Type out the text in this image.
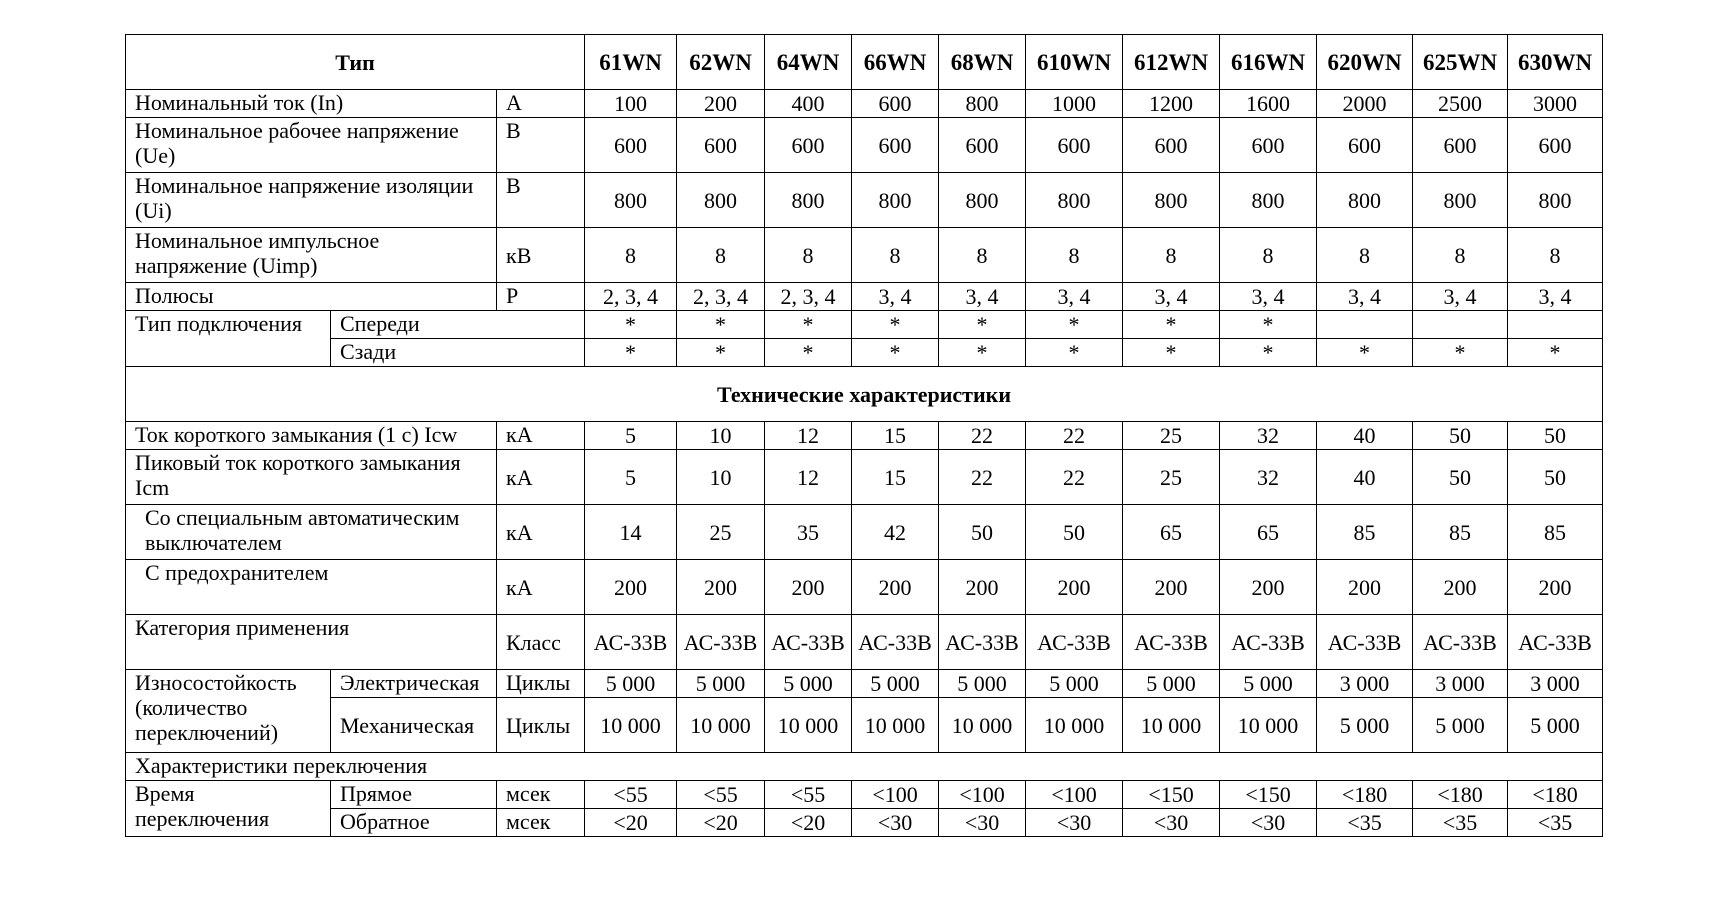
Тип			61WN	62WN	64WN	66WN	68WN	610WN	612WN	616WN	620WN	625WN	630WN
Номинальный ток (In)		А	100	200	400	600	800	1000	1200	1600	2000	2500	3000
Номинальное рабочее напряжение (Ue)		В	600	600	600	600	600	600	600	600	600	600	600
Номинальное напряжение изоляции (Ui)		В	800	800	800	800	800	800	800	800	800	800	800
Номинальное импульсное напряжение (Uimp)		кВ	8	8	8	8	8	8	8	8	8	8	8
Полюсы		P	2, 3, 4	2, 3, 4	2, 3, 4	3, 4	3, 4	3, 4	3, 4	3, 4	3, 4	3, 4	3, 4
Тип подключения	Спереди		*	*	*	*	*	*	*	*			
	Сзади		*	*	*	*	*	*	*	*	*	*	*
Технические характеристики													
Ток короткого замыкания (1 с) Icw		кА	5	10	12	15	22	22	25	32	40	50	50
Пиковый ток короткого замыкания Icm		кА	5	10	12	15	22	22	25	32	40	50	50
Со специальным автоматическим выключателем		кА	14	25	35	42	50	50	65	65	85	85	85
С предохранителем		кА	200	200	200	200	200	200	200	200	200	200	200
Категория применения		Класс	АС-33В	АС-33В	АС-33В	АС-33В	АС-33В	АС-33В	АС-33В	АС-33В	АС-33В	АС-33В	АС-33В
Износостойкость (количество переключений)	Электрическая	Циклы	5 000	5 000	5 000	5 000	5 000	5 000	5 000	5 000	3 000	3 000	3 000
	Механическая	Циклы	10 000	10 000	10 000	10 000	10 000	10 000	10 000	10 000	5 000	5 000	5 000
Характеристики переключения													
Время переключения	Прямое	мсек	<55	<55	<55	<100	<100	<100	<150	<150	<180	<180	<180
	Обратное	мсек	<20	<20	<20	<30	<30	<30	<30	<30	<35	<35	<35
